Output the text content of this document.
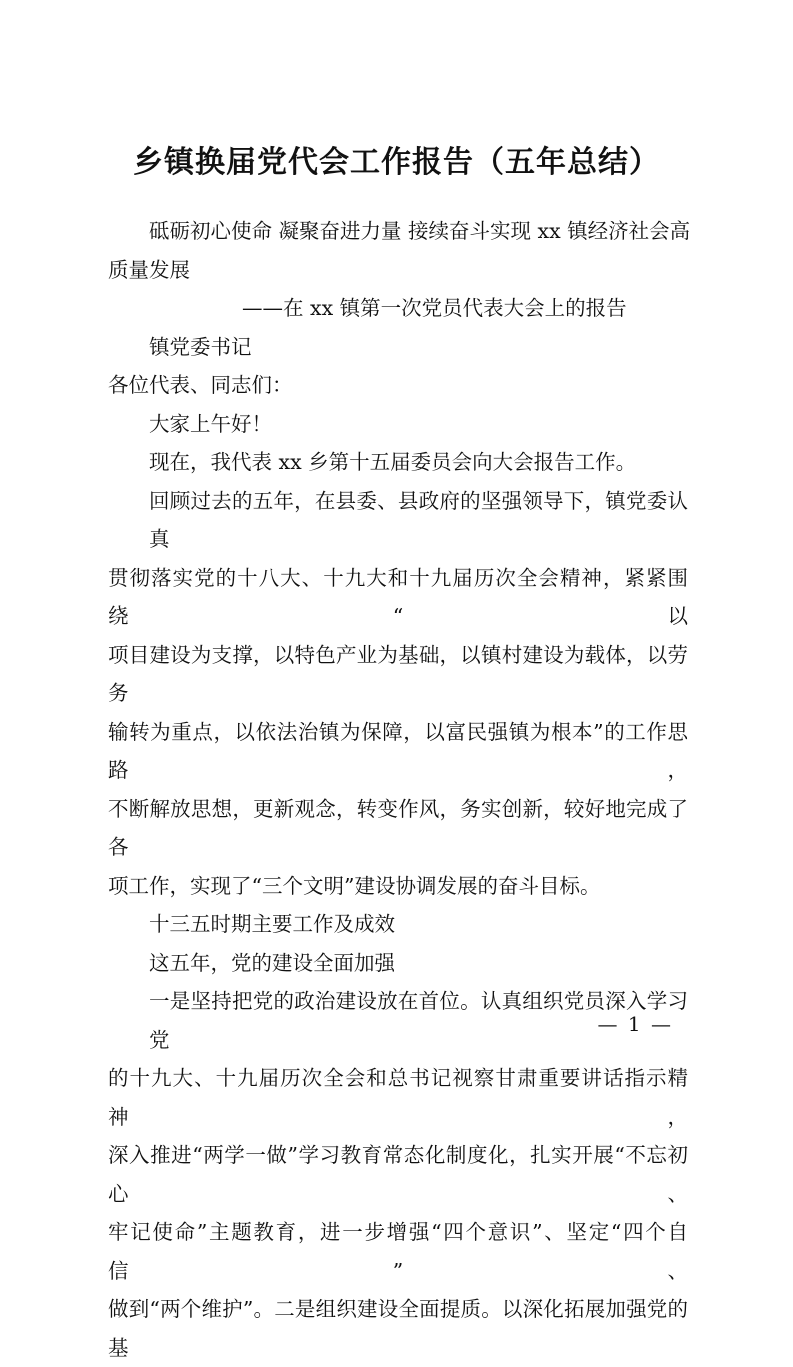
乡镇换届党代会工作报告（五年总结）

砥砺初心使命 凝聚奋进力量 接续奋斗实现 xx 镇经济社会高

质量发展

——在 xx 镇第一次党员代表大会上的报告

镇党委书记

各位代表、同志们：

大家上午好！

现在，我代表 xx 乡第十五届委员会向大会报告工作。

回顾过去的五年，在县委、县政府的坚强领导下，镇党委认真

贯彻落实党的十八大、十九大和十九届历次全会精神，紧紧围绕“以

项目建设为支撑，以特色产业为基础，以镇村建设为载体，以劳务

输转为重点，以依法治镇为保障，以富民强镇为根本”的工作思路，

不断解放思想，更新观念，转变作风，务实创新，较好地完成了各

项工作，实现了“三个文明”建设协调发展的奋斗目标。

十三五时期主要工作及成效

这五年，党的建设全面加强

一是坚持把党的政治建设放在首位。认真组织党员深入学习党

的十九大、十九届历次全会和总书记视察甘肃重要讲话指示精神，

深入推进“两学一做”学习教育常态化制度化，扎实开展“不忘初心、

牢记使命”主题教育，进一步增强“四个意识”、坚定“四个自信”、

做到“两个维护”。二是组织建设全面提质。以深化拓展加强党的基

— 1 —
